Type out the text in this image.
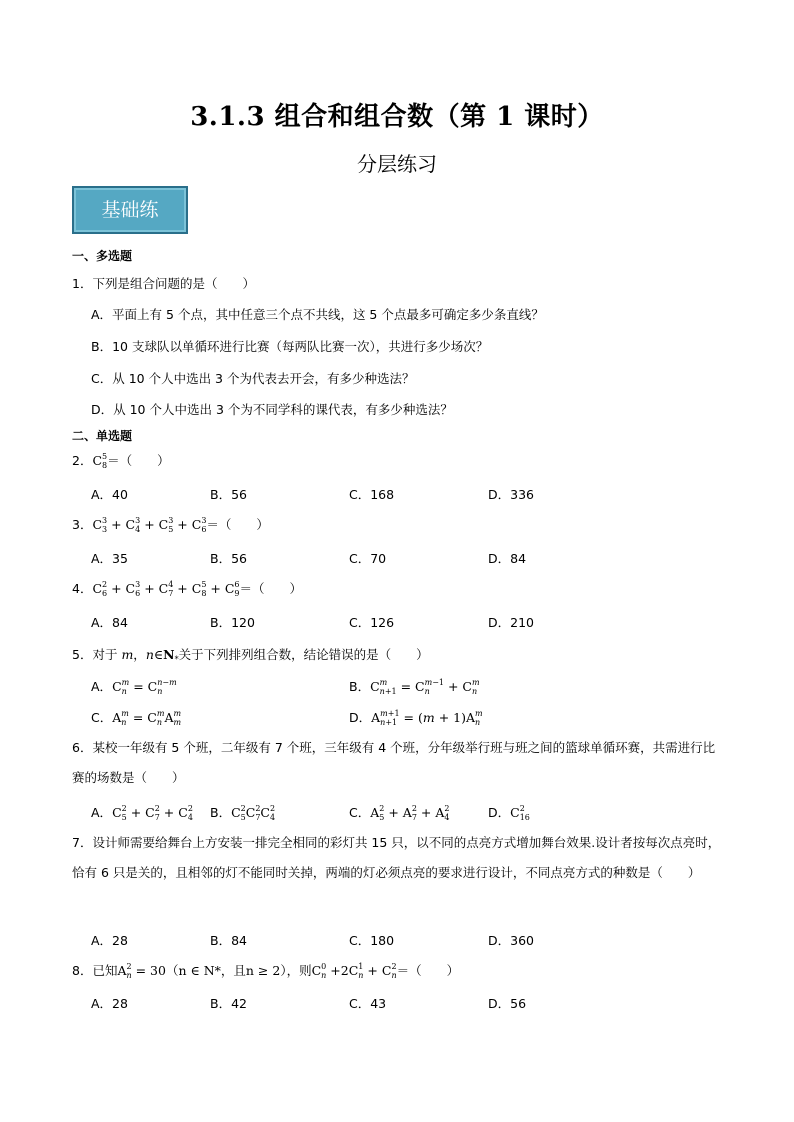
3.1.3 组合和组合数（第 1 课时）
分层练习
基础练
一、多选题
1．下列是组合问题的是（　　）
A．平面上有 5 个点，其中任意三个点不共线，这 5 个点最多可确定多少条直线？
B．10 支球队以单循环进行比赛（每两队比赛一次），共进行多少场次？
C．从 10 个人中选出 3 个为代表去开会，有多少种选法？
D．从 10 个人中选出 3 个为不同学科的课代表，有多少种选法？
二、单选题
2．C 5
8 ＝（　　）
A．40	B．56	C．168	D．336
3．C 3
3 + C 3
4 + C 3
5 + C 3
6 ＝（　　）
A．35	B．56	C．70	D．84
4．C 2
6 + C 3
6 + C 4
7 + C 5
8 + C 6
9 ＝（　　）
A．84	B．120	C．126	D．210
5．对于 m，$n\in N_*$关于下列排列组合数，结论错误的是（　　）
A．C m
n = C n−m
n	B．C m
n+1 = C m−1
n	+ C m
n
C．A m
n = C m
n A m
m	D．A m+1
n+1 = (m + 1)A m
n
6．某校一年级有 5 个班，二年级有 7 个班，三年级有 4 个班，分年级举行班与班之间的篮球单循环赛，共需进行比赛的场数是（　　）
A．C 2
5 + C 2
7 + C 2
4 B．C 2
5 C 2
7 C 2
4	C．A 2
5 + A 2
7 + A 2
4	D．C 2
16
7．设计师需要给舞台上方安装一排完全相同的彩灯共 15 只，以不同的点亮方式增加舞台效果.设计者按每次点亮时，恰有 6 只是关的，且相邻的灯不能同时关掉，两端的灯必须点亮的要求进行设计，不同点亮方式的种数是（　　）
A．28	B．84	C．180	D．360
8．已知A 2
n = 30（n ∈ N*，且n ≥ 2），则C 0
n +2C 1
n + C 2
n ＝（　　）
A．28	B．42	C．43	D．56
